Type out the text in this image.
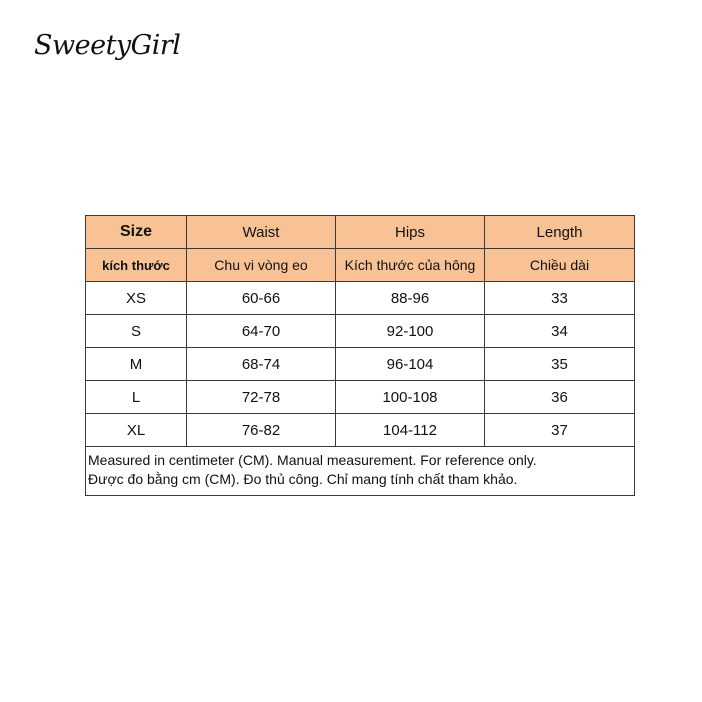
SweetyGirl
Size	Waist	Hips	Length
kích thước	Chu vi vòng eo	Kích thước của hông	Chiều dài
XS	60-66	88-96	33
S	64-70	92-100	34
M	68-74	96-104	35
L	72-78	100-108	36
XL	76-82	104-112	37

Measured in centimeter (CM). Manual measurement. For reference only.
Được đo bằng cm (CM). Đo thủ công. Chỉ mang tính chất tham khảo.			
